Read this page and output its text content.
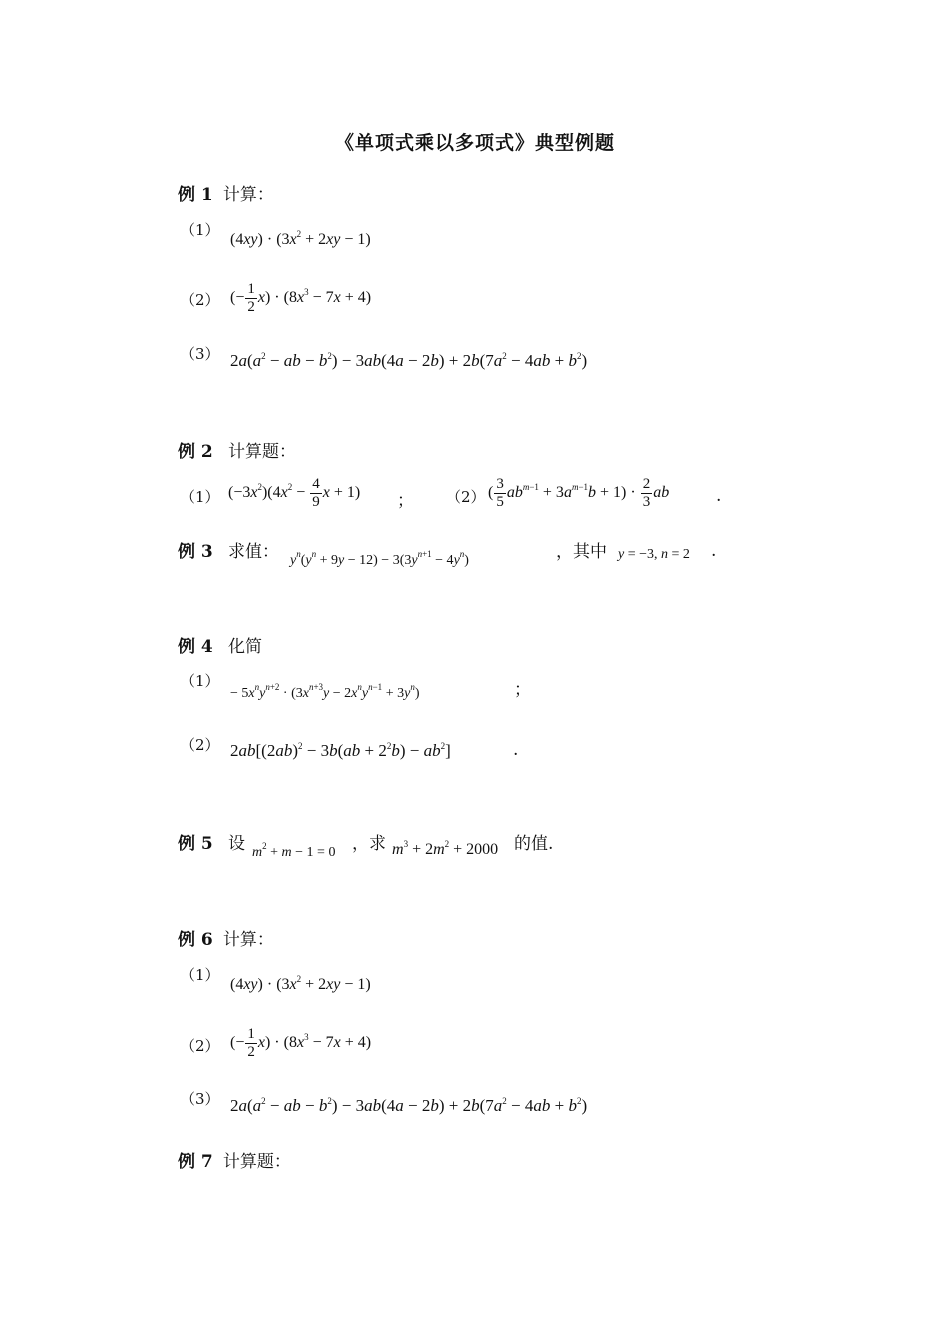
《单项式乘以多项式》典型例题
例 1 计算：
（1）
$(4xy) \cdot (3x^2 + 2xy - 1)$
（2） (− $\frac{1}{2} x) \cdot (8x^3 - 7x + 4)$
（3） $2a(a^2$ − ab − $b^2) - 3ab(4a - 2b) + 2b(7a^2 - 4ab + b^2)$
例 2 计算题：
（1） $(-3x^2)(4x^2 - \frac{4}{9}$ x + 1) ； （2） ( $\frac{3}{5} ab^{m-1} + 3a^{m-1}b + 1) \cdot \frac{2}{3}$ ab	.
例 3 求值： $y^n(y^n + 9y - 12) - 3(3y^{n+1} - 4y^n)$	，其中 y = −3, n = 2 .
例 4 化简
（1）
− $5x^ny^{n+2} \cdot (3x^{n+3}y - 2x^ny^{n-1} + 3y^n)$	；
（2） $2ab[(2ab)^2 - 3b(ab + 2^2b) - ab^2]$	.
例 5 设 $m^2 + m - 1 = 0$ ，求 $m^3 + 2m^2 + 2000$ 的值.
例 6 计算：
（1）
$(4xy) \cdot (3x^2 + 2xy - 1)$
（2） (− $\frac{1}{2} x) \cdot (8x^3 - 7x + 4)$
（3） $2a(a^2$ − ab − $b^2) - 3ab(4a - 2b) + 2b(7a^2 - 4ab + b^2)$
例 7 计算题：
